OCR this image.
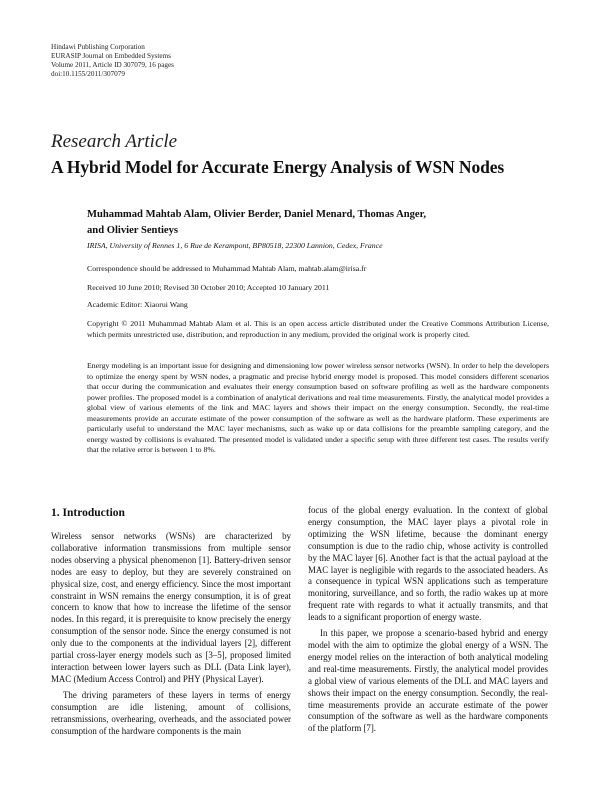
Hindawi Publishing Corporation
EURASIP Journal on Embedded Systems
Volume 2011, Article ID 307079, 16 pages
doi:10.1155/2011/307079
Research Article
A Hybrid Model for Accurate Energy Analysis of WSN Nodes
Muhammad Mahtab Alam, Olivier Berder, Daniel Menard, Thomas Anger,
and Olivier Sentieys
IRISA, University of Rennes 1, 6 Rue de Kerampont, BP80518, 22300 Lannion, Cedex, France
Correspondence should be addressed to Muhammad Mahtab Alam, mahtab.alam@irisa.fr
Received 10 June 2010; Revised 30 October 2010; Accepted 10 January 2011
Academic Editor: Xiaorui Wang
Copyright © 2011 Muhammad Mahtab Alam et al. This is an open access article distributed under the Creative Commons Attribution License, which permits unrestricted use, distribution, and reproduction in any medium, provided the original work is properly cited.
Energy modeling is an important issue for designing and dimensioning low power wireless sensor networks (WSN). In order to help the developers to optimize the energy spent by WSN nodes, a pragmatic and precise hybrid energy model is proposed. This model considers different scenarios that occur during the communication and evaluates their energy consumption based on software profiling as well as the hardware components power profiles. The proposed model is a combination of analytical derivations and real time measurements. Firstly, the analytical model provides a global view of various elements of the link and MAC layers and shows their impact on the energy consumption. Secondly, the real-time measurements provide an accurate estimate of the power consumption of the software as well as the hardware platform. These experiments are particularly useful to understand the MAC layer mechanisms, such as wake up or data collisions for the preamble sampling category, and the energy wasted by collisions is evaluated. The presented model is validated under a specific setup with three different test cases. The results verify that the relative error is between 1 to 8%.
1. Introduction

Wireless sensor networks (WSNs) are characterized by collaborative information transmissions from multiple sensor nodes observing a physical phenomenon [1]. Battery-driven sensor nodes are easy to deploy, but they are severely constrained on physical size, cost, and energy efficiency. Since the most important constraint in WSN remains the energy consumption, it is of great concern to know that how to increase the lifetime of the sensor nodes. In this regard, it is prerequisite to know precisely the energy consumption of the sensor node. Since the energy consumed is not only due to the components at the individual layers [2], different partial cross-layer energy models such as [3–5], proposed limited interaction between lower layers such as DLL (Data Link layer), MAC (Medium Access Control) and PHY (Physical Layer).

The driving parameters of these layers in terms of energy consumption are idle listening, amount of collisions, retransmissions, overhearing, overheads, and the associated power consumption of the hardware components is the main

focus of the global energy evaluation. In the context of global energy consumption, the MAC layer plays a pivotal role in optimizing the WSN lifetime, because the dominant energy consumption is due to the radio chip, whose activity is controlled by the MAC layer [6]. Another fact is that the actual payload at the MAC layer is negligible with regards to the associated headers. As a consequence in typical WSN applications such as temperature monitoring, surveillance, and so forth, the radio wakes up at more frequent rate with regards to what it actually transmits, and that leads to a significant proportion of energy waste.

In this paper, we propose a scenario-based hybrid and energy model with the aim to optimize the global energy of a WSN. The energy model relies on the interaction of both analytical modeling and real-time measurements. Firstly, the analytical model provides a global view of various elements of the DLL and MAC layers and shows their impact on the energy consumption. Secondly, the real-time measurements provide an accurate estimate of the power consumption of the software as well as the hardware components of the platform [7].
